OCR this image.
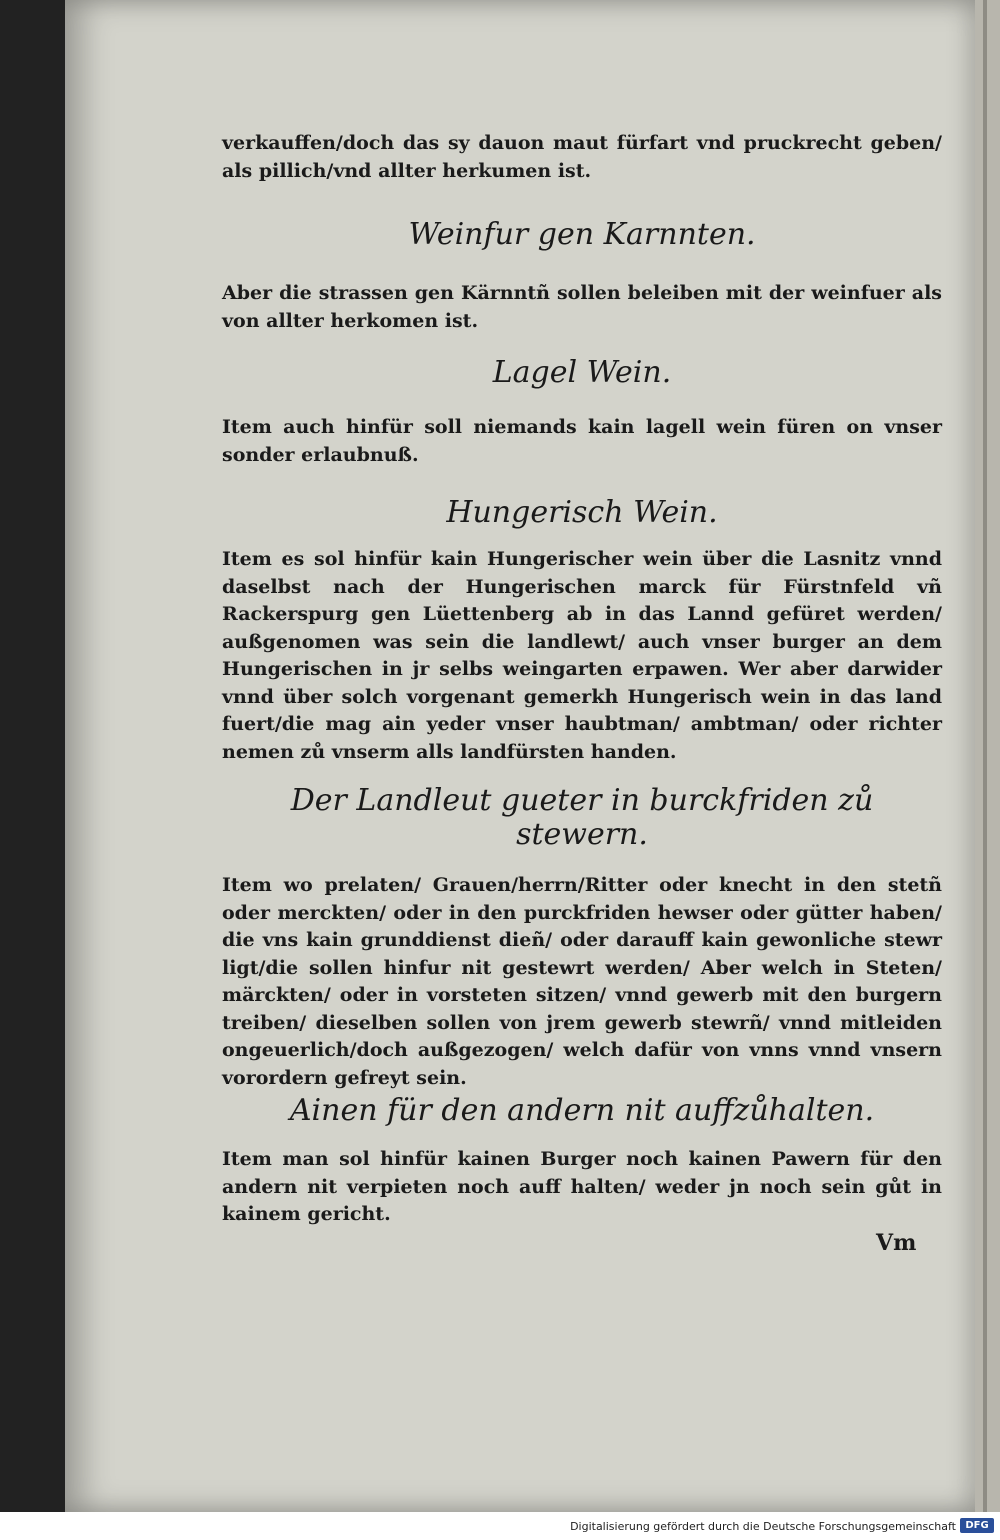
verkauffen/doch das sy dauon maut fürfart vnd pruckrecht geben/ als pillich/vnd allter herkumen ist.

Weinfur gen Karnnten.

Aber die strassen gen Kärnntñ sollen beleiben mit der weinfuer als von allter herkomen ist.

Lagel Wein.

Item auch hinfür soll niemands kain lagell wein füren on vnser sonder erlaubnuß.

Hungerisch Wein.

Item es sol hinfür kain Hungerischer wein über die Lasnitz vnnd daselbst nach der Hungerischen marck für Fürstnfeld vñ Rackerspurg gen Lüettenberg ab in das Lannd gefüret werden/ außgenomen was sein die landlewt/ auch vnser burger an dem Hungerischen in jr selbs weingarten erpawen. Wer aber darwider vnnd über solch vorgenant gemerkh Hungerisch wein in das land fuert/die mag ain yeder vnser haubtman/ ambtman/ oder richter nemen zů vnserm alls landfürsten handen.

Der Landleut gueter in burckfriden zů stewern.

Item wo prelaten/ Grauen/herrn/Ritter oder knecht in den stetñ oder merckten/ oder in den purckfriden hewser oder gütter haben/ die vns kain grunddienst dieñ/ oder darauff kain gewonliche stewr ligt/die sollen hinfur nit gestewrt werden/ Aber welch in Steten/ märckten/ oder in vorsteten sitzen/ vnnd gewerb mit den burgern treiben/ dieselben sollen von jrem gewerb stewrñ/ vnnd mitleiden ongeuerlich/doch außgezogen/ welch dafür von vnns vnnd vnsern vorordern gefreyt sein.

Ainen für den andern nit auffzůhalten.

Item man sol hinfür kainen Burger noch kainen Pawern für den andern nit verpieten noch auff halten/ weder jn noch sein gůt in kainem gericht.

Vm
Digitalisierung gefördert durch die Deutsche Forschungsgemeinschaft DFG
